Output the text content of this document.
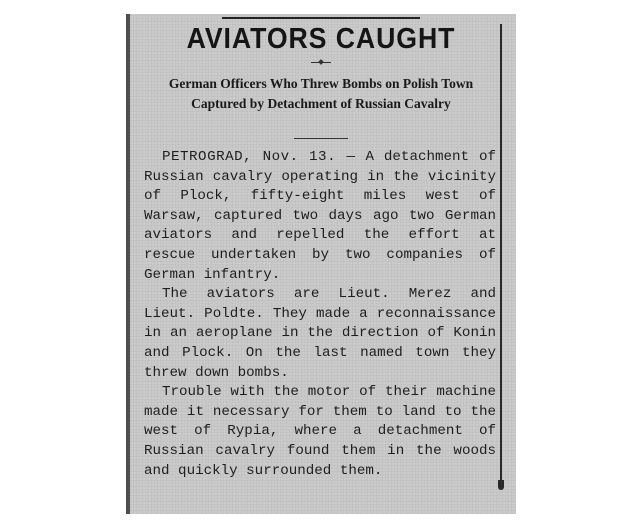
AVIATORS CAUGHT

German Officers Who Threw Bombs on Polish Town Captured by Detachment of Russian Cavalry

PETROGRAD, Nov. 13. — A detachment of Russian cavalry operating in the vicinity of Plock, fifty-eight miles west of Warsaw, captured two days ago two German aviators and repelled the effort at rescue undertaken by two companies of German infantry.

The aviators are Lieut. Merez and Lieut. Poldte. They made a reconnaissance in an aeroplane in the direction of Konin and Plock. On the last named town they threw down bombs.

Trouble with the motor of their machine made it necessary for them to land to the west of Rypia, where a detachment of Russian cavalry found them in the woods and quickly surrounded them.
